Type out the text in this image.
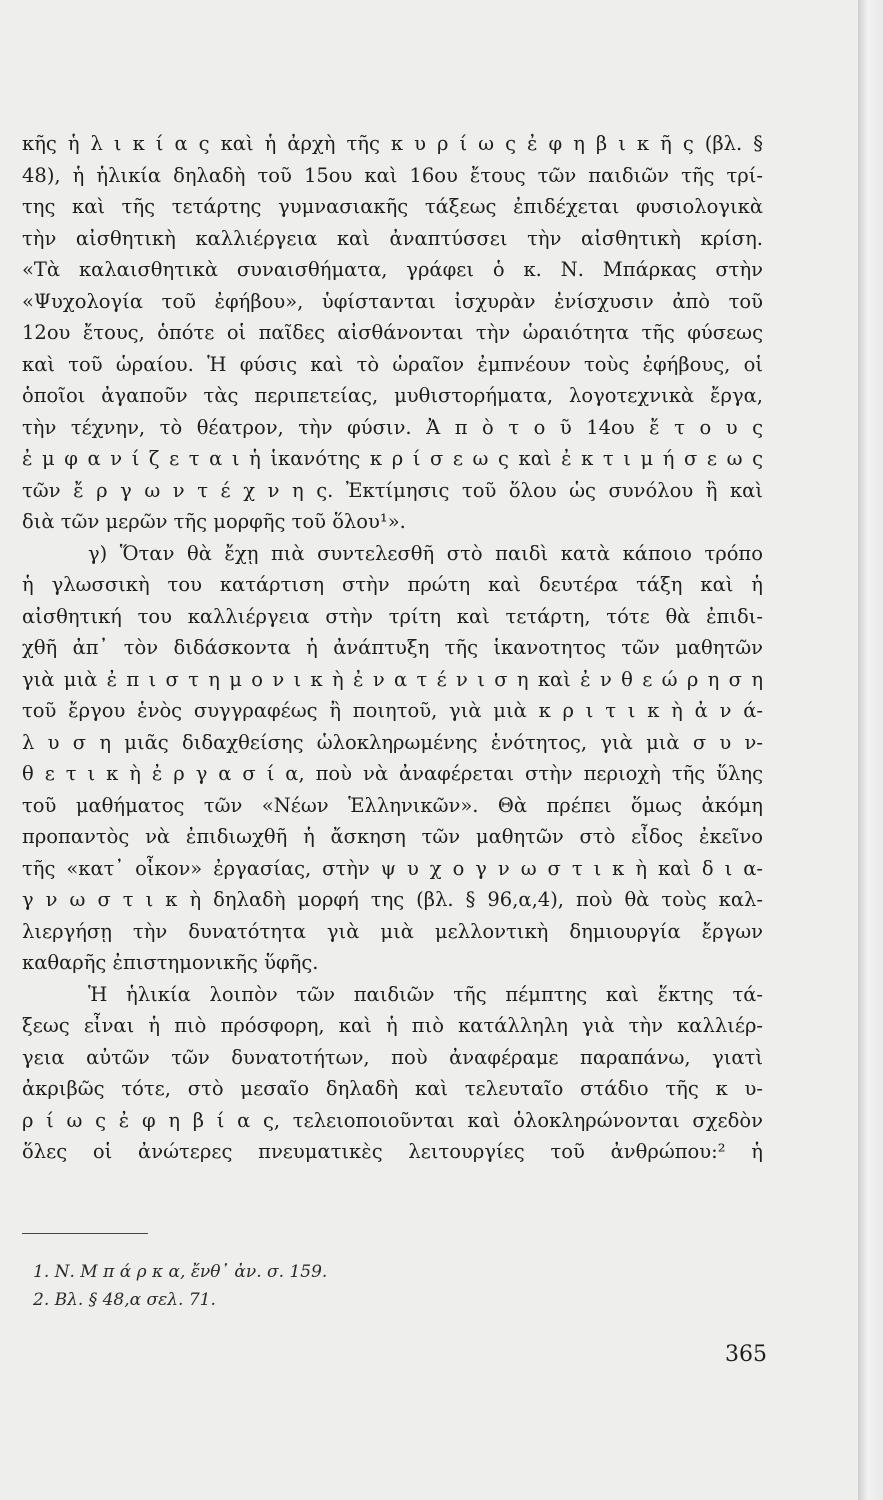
κῆς ἡ λ ι κ ί α ς καὶ ἡ ἀρχὴ τῆς κ υ ρ ί ω ς ἐ φ η β ι κ ῆ ς (βλ. §
48), ἡ ἡλικία δηλαδὴ τοῦ 15ου καὶ 16ου ἔτους τῶν παιδιῶν τῆς τρί-
της καὶ τῆς τετάρτης γυμνασιακῆς τάξεως ἐπιδέχεται φυσιολογικὰ
τὴν αἰσθητικὴ καλλιέργεια καὶ ἀναπτύσσει τὴν αἰσθητικὴ κρίση.
«Τὰ καλαισθητικὰ συναισθήματα, γράφει ὁ κ. Ν. Μπάρκας στὴν
«Ψυχολογία τοῦ ἐφήβου», ὑφίστανται ἰσχυρὰν ἐνίσχυσιν ἀπὸ τοῦ
12ου ἔτους, ὁπότε οἱ παῖδες αἰσθάνονται τὴν ὡραιότητα τῆς φύσεως
καὶ τοῦ ὡραίου. Ἡ φύσις καὶ τὸ ὡραῖον ἐμπνέουν τοὺς ἐφήβους, οἱ
ὁποῖοι ἀγαποῦν τὰς περιπετείας, μυθιστορήματα, λογοτεχνικὰ ἔργα,
τὴν τέχνην, τὸ θέατρον, τὴν φύσιν. Ἀ π ὸ τ ο ῦ 14ου ἔ τ ο υ ς
ἐ μ φ α ν ί ζ ε τ α ι ἡ ἱκανότης κ ρ ί σ ε ω ς καὶ ἐ κ τ ι μ ή σ ε ω ς
τῶν ἔ ρ γ ω ν τ έ χ ν η ς. Ἐκτίμησις τοῦ ὅλου ὡς συνόλου ἢ καὶ
διὰ τῶν μερῶν τῆς μορφῆς τοῦ ὅλου¹».
γ) Ὅταν θὰ ἔχῃ πιὰ συντελεσθῆ στὸ παιδὶ κατὰ κάποιο τρόπο
ἡ γλωσσικὴ του κατάρτιση στὴν πρώτη καὶ δευτέρα τάξη καὶ ἡ
αἰσθητική του καλλιέργεια στὴν τρίτη καὶ τετάρτη, τότε θὰ ἐπιδι-
χθῆ ἀπ᾽ τὸν διδάσκοντα ἡ ἀνάπτυξη τῆς ἱκανοτητος τῶν μαθητῶν
γιὰ μιὰ ἐ π ι σ τ η μ ο ν ι κ ὴ ἐ ν α τ έ ν ι σ η καὶ ἐ ν θ ε ώ ρ η σ η
τοῦ ἔργου ἑνὸς συγγραφέως ἢ ποιητοῦ, γιὰ μιὰ κ ρ ι τ ι κ ὴ ἀ ν ά-
λ υ σ η μιᾶς διδαχθείσης ὡλοκληρωμένης ἑνότητος, γιὰ μιὰ σ υ ν-
θ ε τ ι κ ὴ ἐ ρ γ α σ ί α, ποὺ νὰ ἀναφέρεται στὴν περιοχὴ τῆς ὕλης
τοῦ μαθήματος τῶν «Νέων Ἑλληνικῶν». Θὰ πρέπει ὅμως ἀκόμη
προπαντὸς νὰ ἐπιδιωχθῆ ἡ ἄσκηση τῶν μαθητῶν στὸ εἶδος ἐκεῖνο
τῆς «κατ᾽ οἶκον» ἐργασίας, στὴν ψ υ χ ο γ ν ω σ τ ι κ ὴ καὶ δ ι α-
γ ν ω σ τ ι κ ὴ δηλαδὴ μορφή της (βλ. § 96,α,4), ποὺ θὰ τοὺς καλ-
λιεργήσῃ τὴν δυνατότητα γιὰ μιὰ μελλοντικὴ δημιουργία ἔργων
καθαρῆς ἐπιστημονικῆς ὕφῆς.
Ἡ ἡλικία λοιπὸν τῶν παιδιῶν τῆς πέμπτης καὶ ἕκτης τά-
ξεως εἶναι ἡ πιὸ πρόσφορη, καὶ ἡ πιὸ κατάλληλη γιὰ τὴν καλλιέρ-
γεια αὐτῶν τῶν δυνατοτήτων, ποὺ ἀναφέραμε παραπάνω, γιατὶ
ἀκριβῶς τότε, στὸ μεσαῖο δηλαδὴ καὶ τελευταῖο στάδιο τῆς κ υ-
ρ ί ω ς ἐ φ η β ί α ς, τελειοποιοῦνται καὶ ὁλοκληρώνονται σχεδὸν
ὅλες οἱ ἀνώτερες πνευματικὲς λειτουργίες τοῦ ἀνθρώπου:² ἡ
1. Ν. Μ π ά ρ κ α, ἔνθ᾽ ἀν. σ. 159.
2. Βλ. § 48,α σελ. 71.
365
